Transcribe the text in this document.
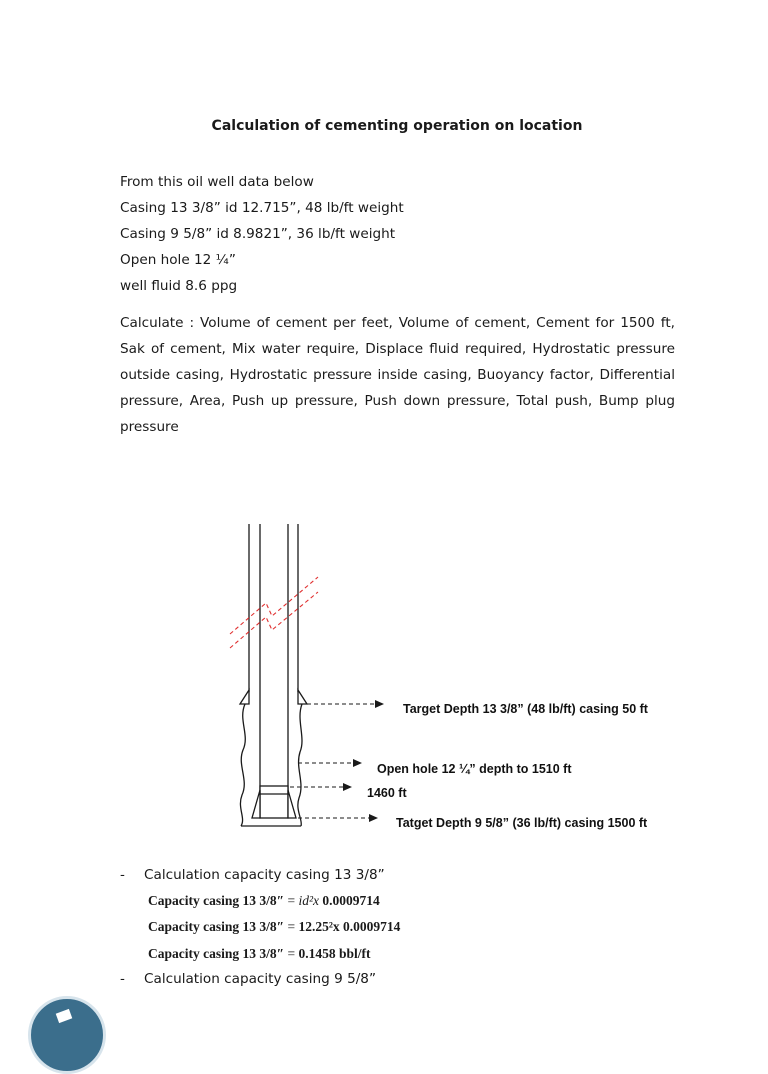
Calculation of cementing operation on location
From this oil well data below
Casing 13 3/8” id 12.715”, 48 lb/ft weight
Casing 9 5/8” id 8.9821”, 36 lb/ft weight
Open hole 12 ¼”
well fluid 8.6 ppg
Calculate : Volume of cement per feet, Volume of cement, Cement for 1500 ft, Sak of cement, Mix water require, Displace fluid required, Hydrostatic pressure outside casing, Hydrostatic pressure inside casing, Buoyancy factor, Differential pressure, Area, Push up pressure, Push down pressure, Total push, Bump plug pressure
Target Depth 13 3/8” (48 lb/ft) casing 50 ft
Open hole 12 ¼” depth to 1510 ft
1460 ft
Tatget Depth 9 5/8” (36 lb/ft) casing 1500 ft
- Calculation capacity casing 13 3/8”
Capacity casing 13 3/8″ = id²x 0.0009714
Capacity casing 13 3/8″ = 12.25²x 0.0009714
Capacity casing 13 3/8″ = 0.1458 bbl/ft
- Calculation capacity casing 9 5/8”
